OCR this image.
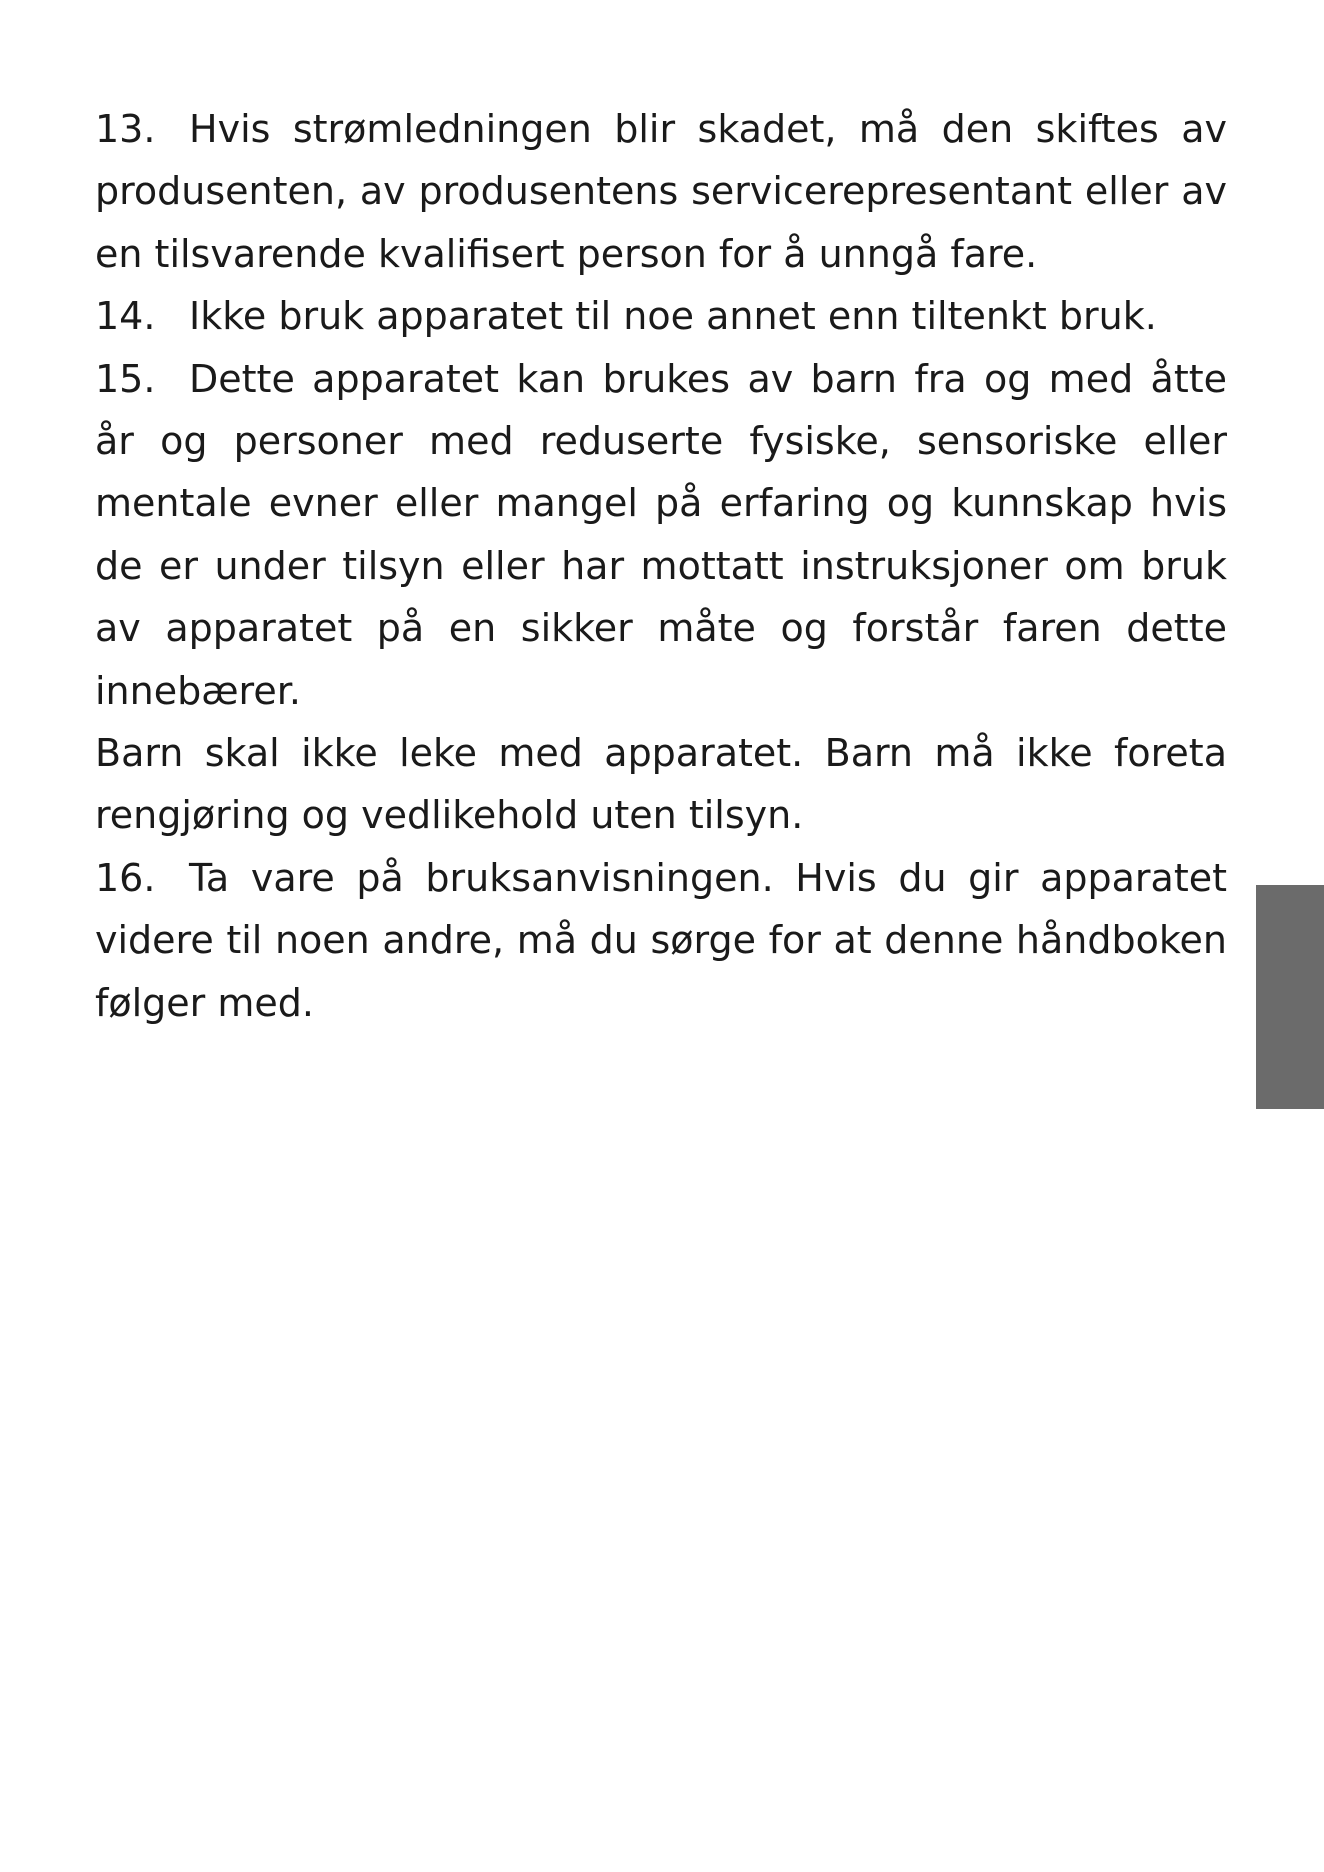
13. Hvis strømledningen blir skadet, må den skiftes av produsenten, av produsentens servicerepresentant eller av en tilsvarende kvalifisert person for å unngå fare.

14. Ikke bruk apparatet til noe annet enn tiltenkt bruk.

15. Dette apparatet kan brukes av barn fra og med åtte år og personer med reduserte fysiske, sensoriske eller mentale evner eller mangel på erfaring og kunnskap hvis de er under tilsyn eller har mottatt instruksjoner om bruk av apparatet på en sikker måte og forstår faren dette innebærer.

Barn skal ikke leke med apparatet. Barn må ikke foreta rengjøring og vedlikehold uten tilsyn.

16. Ta vare på bruksanvisningen. Hvis du gir apparatet videre til noen andre, må du sørge for at denne håndboken følger med.
